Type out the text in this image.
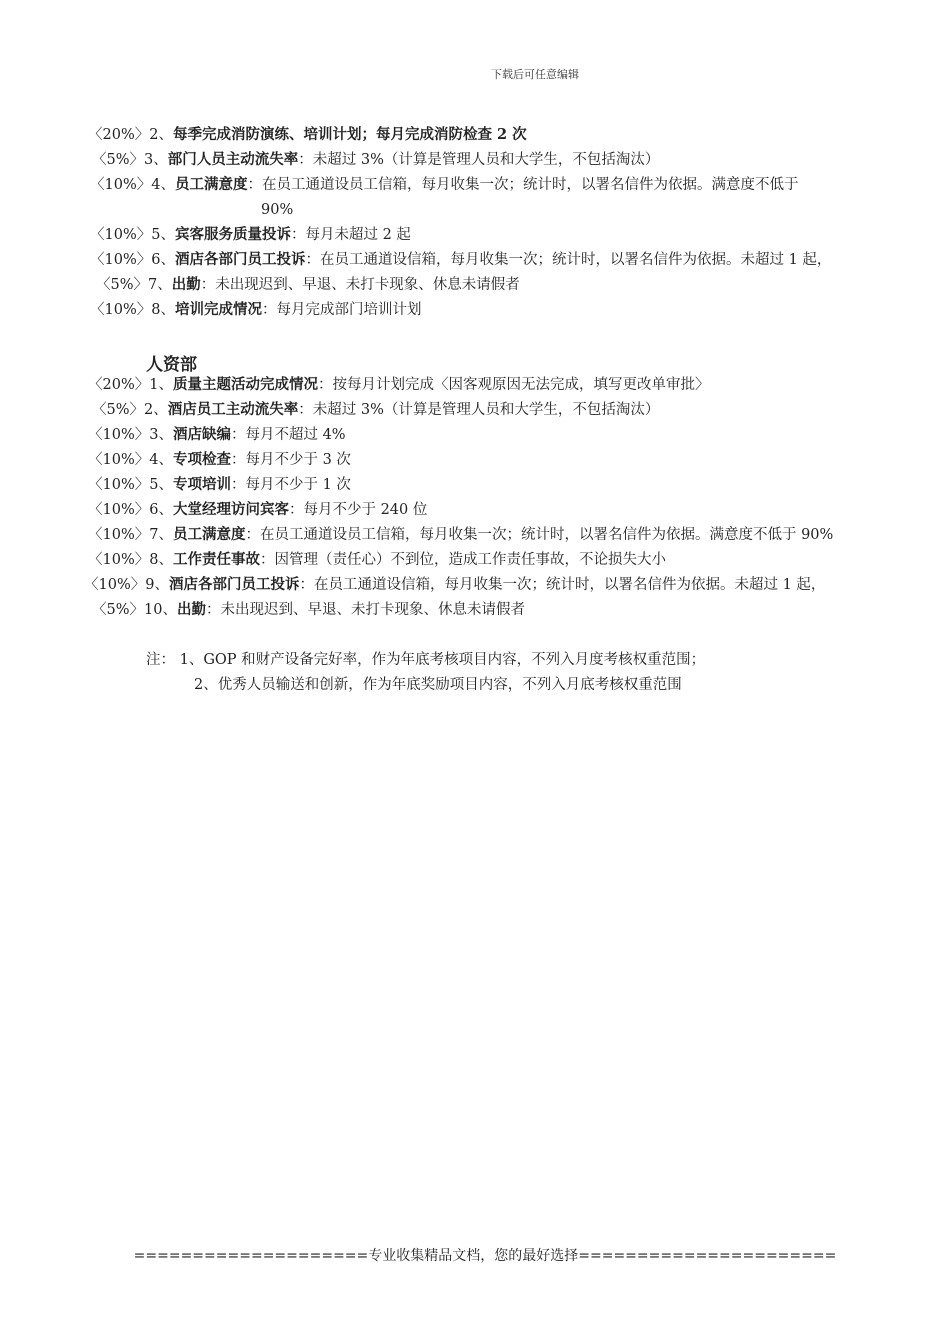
下载后可任意编辑
〈20%〉2、每季完成消防演练、培训计划；每月完成消防检查 2 次
〈5%〉3、部门人员主动流失率：未超过 3%（计算是管理人员和大学生，不包括淘汰）
〈10%〉4、员工满意度：在员工通道设员工信箱，每月收集一次；统计时，以署名信件为依据。满意度不低于
90%
〈10%〉5、宾客服务质量投诉：每月未超过 2 起
〈10%〉6、酒店各部门员工投诉：在员工通道设信箱，每月收集一次；统计时，以署名信件为依据。未超过 1 起，
〈5%〉7、出勤：未出现迟到、早退、未打卡现象、休息未请假者
〈10%〉8、培训完成情况：每月完成部门培训计划
人资部
〈20%〉1、质量主题活动完成情况：按每月计划完成〈因客观原因无法完成，填写更改单审批〉
〈5%〉2、酒店员工主动流失率：未超过 3%（计算是管理人员和大学生，不包括淘汰）
〈10%〉3、酒店缺编：每月不超过 4%
〈10%〉4、专项检查：每月不少于 3 次
〈10%〉5、专项培训：每月不少于 1 次
〈10%〉6、大堂经理访问宾客：每月不少于 240 位
〈10%〉7、员工满意度：在员工通道设员工信箱，每月收集一次；统计时，以署名信件为依据。满意度不低于 90%
〈10%〉8、工作责任事故：因管理（责任心）不到位，造成工作责任事故，不论损失大小
〈10%〉9、酒店各部门员工投诉：在员工通道设信箱，每月收集一次；统计时，以署名信件为依据。未超过 1 起，
〈5%〉10、出勤：未出现迟到、早退、未打卡现象、休息未请假者
注： 1、GOP 和财产设备完好率，作为年底考核项目内容，不列入月度考核权重范围；
2、优秀人员输送和创新，作为年底奖励项目内容，不列入月底考核权重范围
====================专业收集精品文档，您的最好选择======================
